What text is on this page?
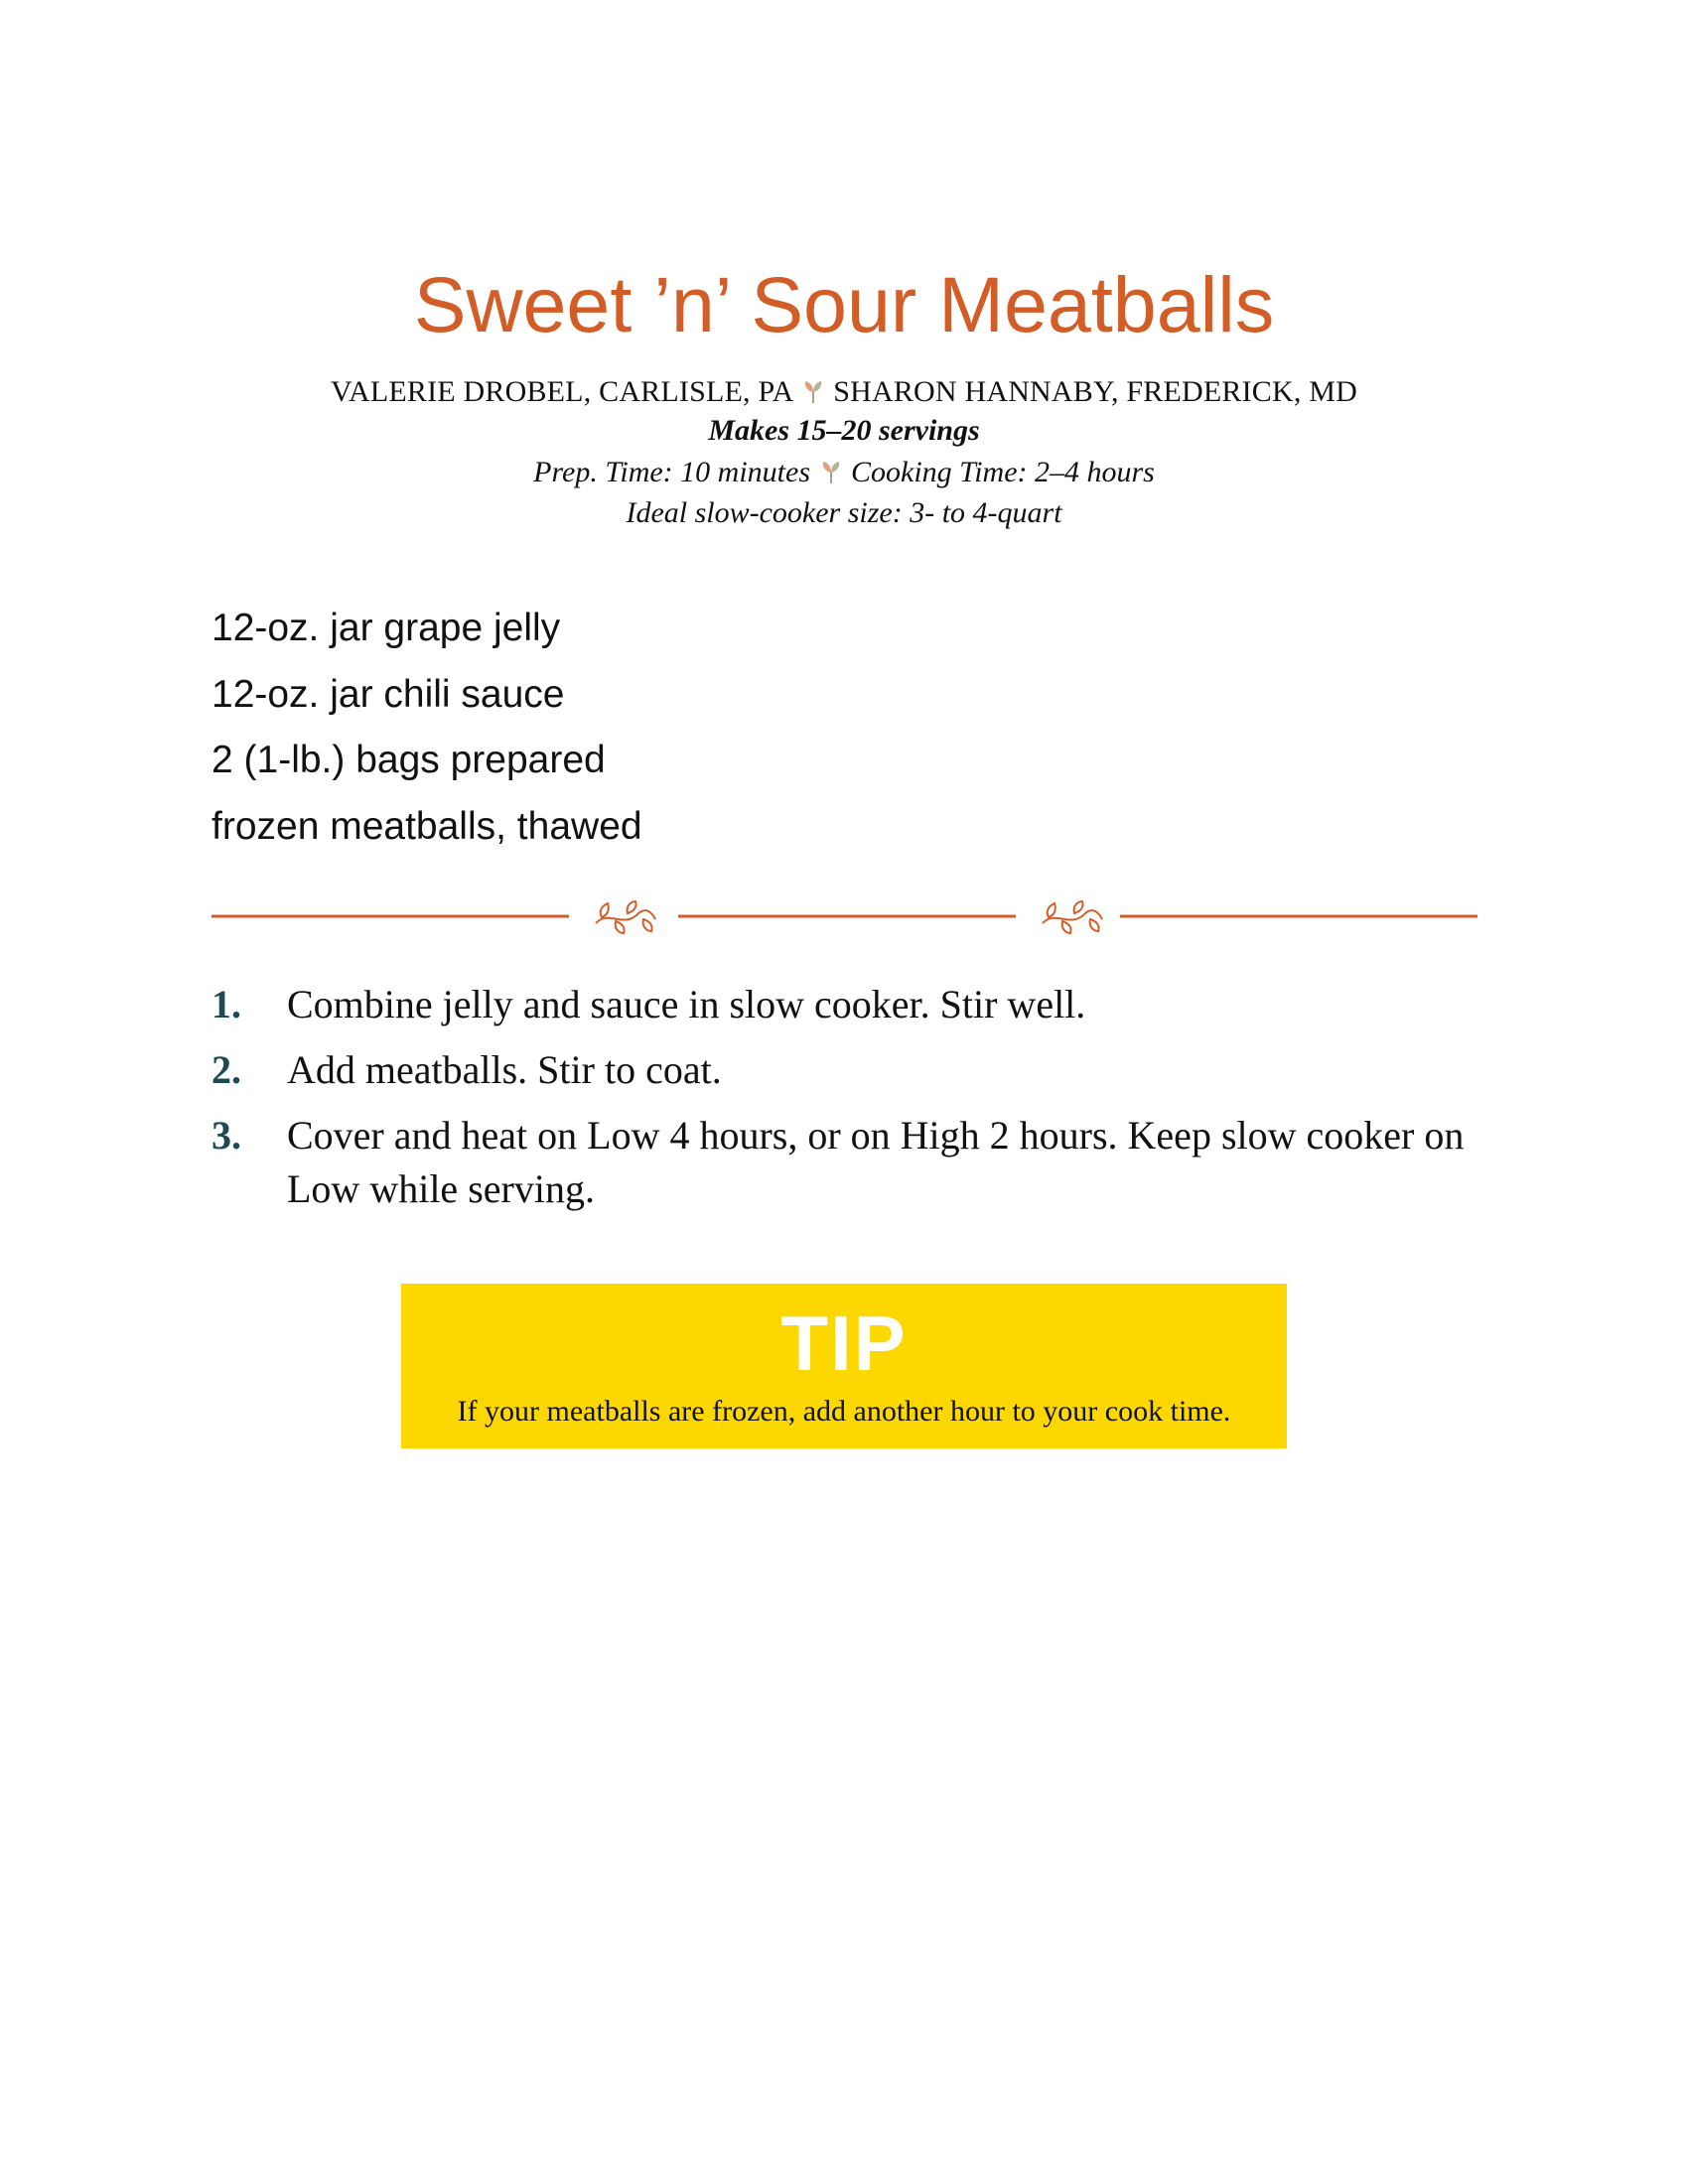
Sweet ’n’ Sour Meatballs
VALERIE DROBEL, CARLISLE, PA SHARON HANNABY, FREDERICK, MD
Makes 15–20 servings
Prep. Time: 10 minutes Cooking Time: 2–4 hours
Ideal slow-cooker size: 3- to 4-quart
12-oz. jar grape jelly
12-oz. jar chili sauce
2 (1-lb.) bags prepared
frozen meatballs, thawed
1. Combine jelly and sauce in slow cooker. Stir well.
2. Add meatballs. Stir to coat.
3. Cover and heat on Low 4 hours, or on High 2 hours. Keep slow cooker on Low while serving.
TIP
If your meatballs are frozen, add another hour to your cook time.
